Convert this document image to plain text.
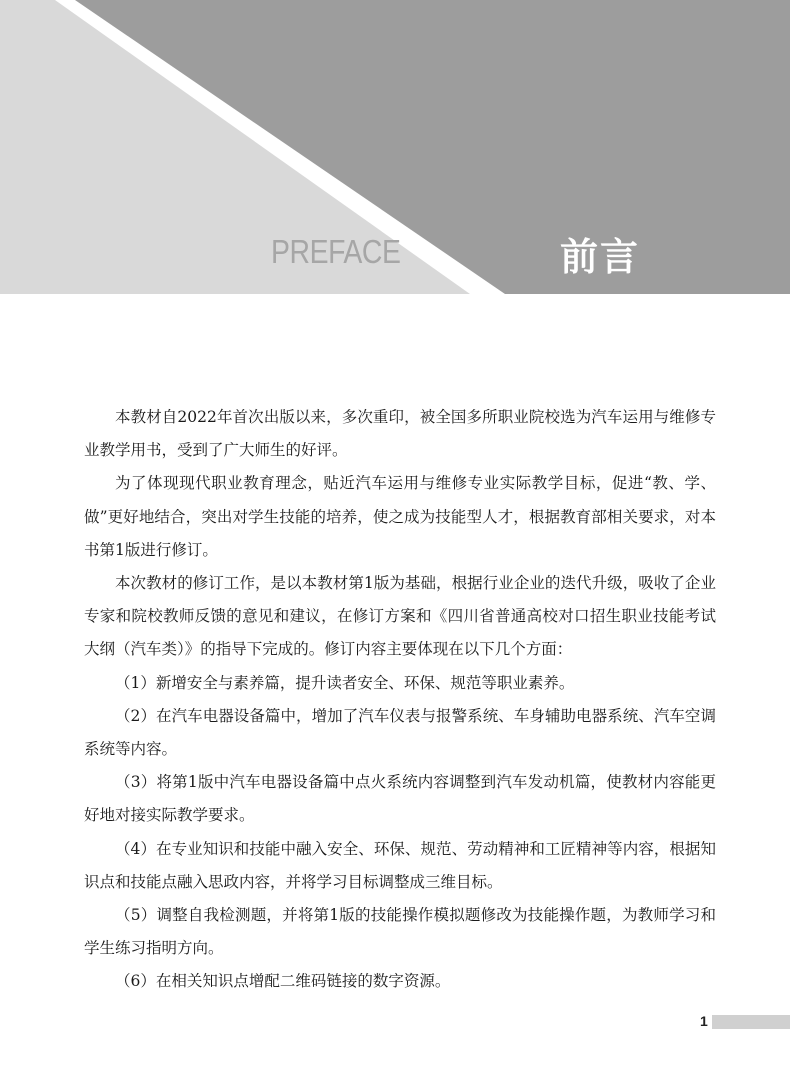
PREFACE	前言

本教材自2022年首次出版以来，多次重印，被全国多所职业院校选为汽车运用与维修专业教学用书，受到了广大师生的好评。

为了体现现代职业教育理念，贴近汽车运用与维修专业实际教学目标，促进“教、学、做”更好地结合，突出对学生技能的培养，使之成为技能型人才，根据教育部相关要求，对本书第1版进行修订。

本次教材的修订工作，是以本教材第1版为基础，根据行业企业的迭代升级，吸收了企业专家和院校教师反馈的意见和建议，在修订方案和《四川省普通高校对口招生职业技能考试大纲（汽车类）》的指导下完成的。修订内容主要体现在以下几个方面：

（1）新增安全与素养篇，提升读者安全、环保、规范等职业素养。

（2）在汽车电器设备篇中，增加了汽车仪表与报警系统、车身辅助电器系统、汽车空调系统等内容。

（3）将第1版中汽车电器设备篇中点火系统内容调整到汽车发动机篇，使教材内容能更好地对接实际教学要求。

（4）在专业知识和技能中融入安全、环保、规范、劳动精神和工匠精神等内容，根据知识点和技能点融入思政内容，并将学习目标调整成三维目标。

（5）调整自我检测题，并将第1版的技能操作模拟题修改为技能操作题，为教师学习和学生练习指明方向。

（6）在相关知识点增配二维码链接的数字资源。

1
